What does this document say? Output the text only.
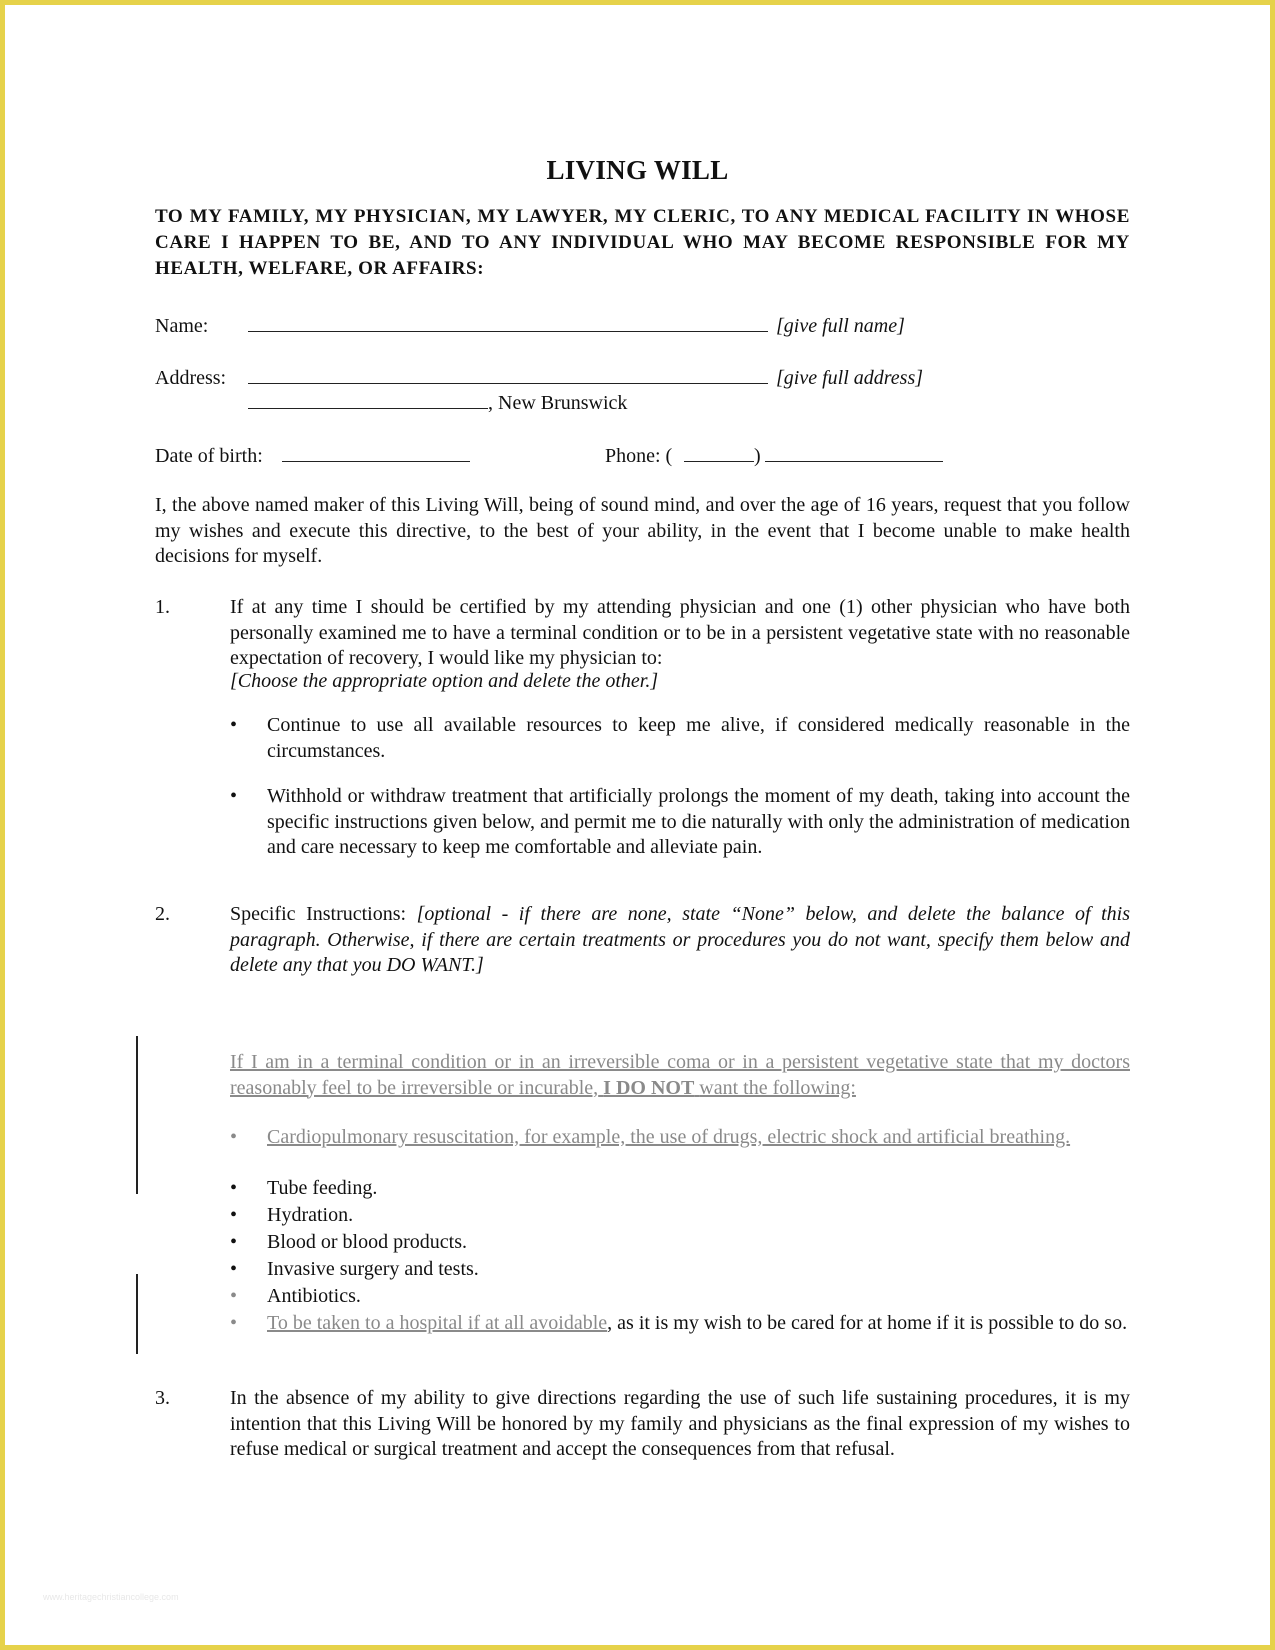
LIVING WILL
TO MY FAMILY, MY PHYSICIAN, MY LAWYER, MY CLERIC, TO ANY MEDICAL FACILITY IN WHOSE CARE I HAPPEN TO BE, AND TO ANY INDIVIDUAL WHO MAY BECOME RESPONSIBLE FOR MY HEALTH, WELFARE, OR AFFAIRS:
Name:	[give full name]
Address:	[give full address]
, New Brunswick
Date of birth:	Phone: (	)
I, the above named maker of this Living Will, being of sound mind, and over the age of 16 years, request that you follow my wishes and execute this directive, to the best of your ability, in the event that I become unable to make health decisions for myself.
1.	If at any time I should be certified by my attending physician and one (1) other physician who have both personally examined me to have a terminal condition or to be in a persistent vegetative state with no reasonable expectation of recovery, I would like my physician to:
[Choose the appropriate option and delete the other.]
• Continue to use all available resources to keep me alive, if considered medically reasonable in the circumstances.
• Withhold or withdraw treatment that artificially prolongs the moment of my death, taking into account the specific instructions given below, and permit me to die naturally with only the administration of medication and care necessary to keep me comfortable and alleviate pain.
2.	Specific Instructions: [optional - if there are none, state “None” below, and delete the balance of this paragraph. Otherwise, if there are certain treatments or procedures you do not want, specify them below and delete any that you DO WANT.]
If I am in a terminal condition or in an irreversible coma or in a persistent vegetative state that my doctors reasonably feel to be irreversible or incurable, I DO NOT want the following:
• Cardiopulmonary resuscitation, for example, the use of drugs, electric shock and artificial breathing.
• Tube feeding.
• Hydration.
• Blood or blood products.
• Invasive surgery and tests.
• Antibiotics.
• To be taken to a hospital if at all avoidable, as it is my wish to be cared for at home if it is possible to do so.
3.	In the absence of my ability to give directions regarding the use of such life sustaining procedures, it is my intention that this Living Will be honored by my family and physicians as the final expression of my wishes to refuse medical or surgical treatment and accept the consequences from that refusal.
www.heritagechristiancollege.com
